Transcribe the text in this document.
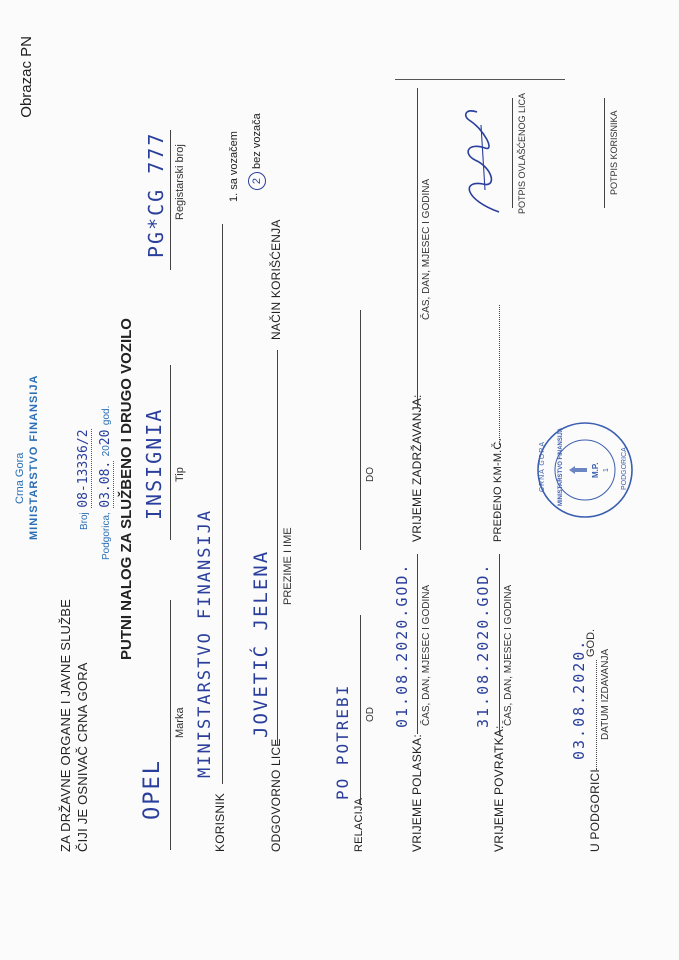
Obrazac PN
ZA DRŽAVNE ORGANE I JAVNE SLUŽBE ČIJI JE OSNIVAČ CRNA GORA
Crna Gora MINISTARSTVO FINANSIJA	Broj 08-13336/2
Podgorica, 03.08. 2020 god. PUTNI NALOG ZA SLUŽBENO I DRUGO VOZILO
OPEL
Marka
INSIGNIA Tip
PG*CG 777 Registarski broj
KORISNIK
MINISTARSTVO FINANSIJA
1. sa vozačem 2 bez vozača
NAČIN KORIŠĆENJA
ODGOVORNO LICE
JOVETIĆ JELENA PREZIME I IME
RELACIJA
PO POTREBI OD
DO
VRIJEME POLASKA:
01.08.2020.GOD. ČAS, DAN, MJESEC I GODINA
VRIJEME ZADRŽAVANJA:
ČAS, DAN, MJESEC I GODINA
VRIJEME POVRATKA:
31.08.2020.GOD. ČAS, DAN, MJESEC I GODINA
PREĐENO KM-M.Č.
POTPIS OVLAŠĆENOG LICA
U PODGORICI
03.08.2020.
GOD.
DATUM IZDAVANJA
CRNA GORA MINISTARSTVO FINANSIJA	M.P. 1 PODGORICA
POTPIS KORISNIKA
